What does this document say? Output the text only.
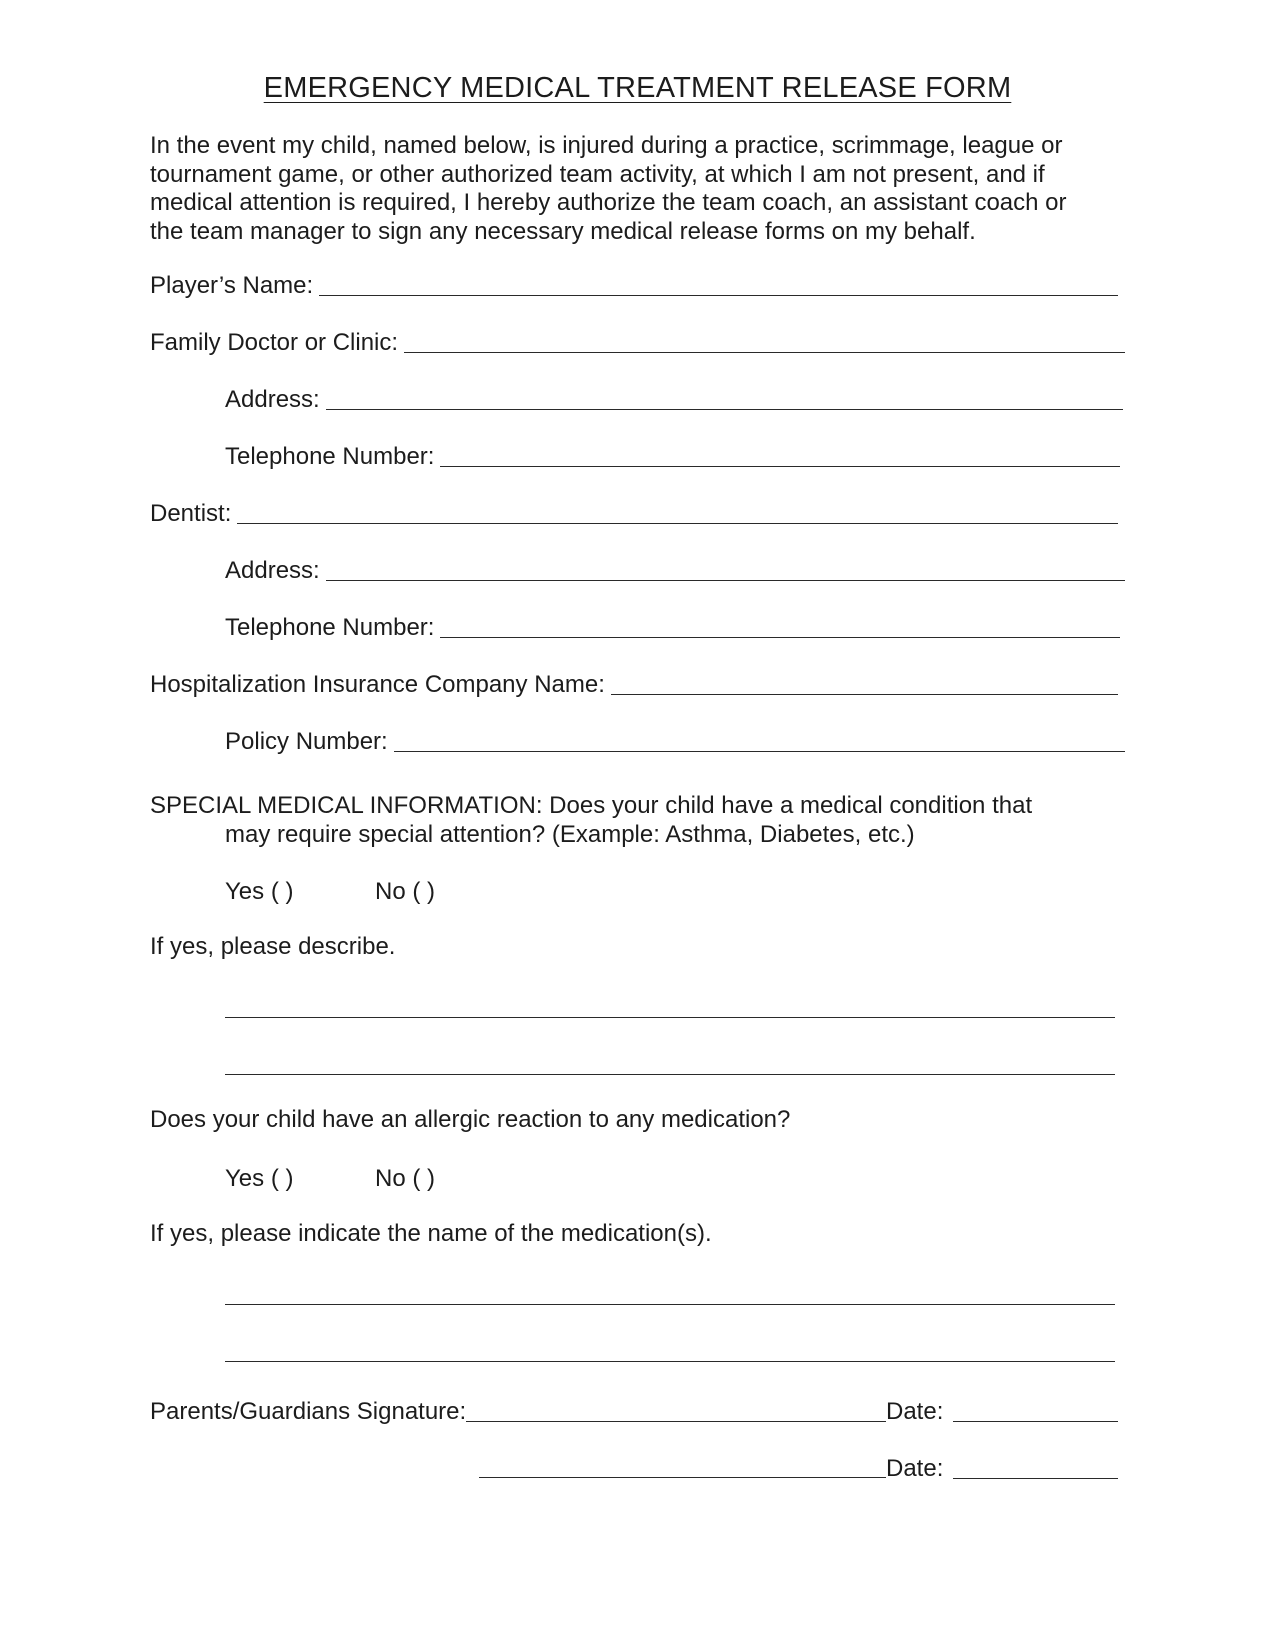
EMERGENCY MEDICAL TREATMENT RELEASE FORM
In the event my child, named below, is injured during a practice, scrimmage, league or
tournament game, or other authorized team activity, at which I am not present, and if
medical attention is required, I hereby authorize the team coach, an assistant coach or
the team manager to sign any necessary medical release forms on my behalf.
Player’s Name:
Family Doctor or Clinic:
Address:
Telephone Number:
Dentist:
Address:
Telephone Number:
Hospitalization Insurance Company Name:
Policy Number:
SPECIAL MEDICAL INFORMATION: Does your child have a medical condition that
may require special attention? (Example: Asthma, Diabetes, etc.)
Yes ( )	No ( )
If yes, please describe.
Does your child have an allergic reaction to any medication?
Yes ( )	No ( )
If yes, please indicate the name of the medication(s).
Parents/Guardians Signature:	Date:
Date:
